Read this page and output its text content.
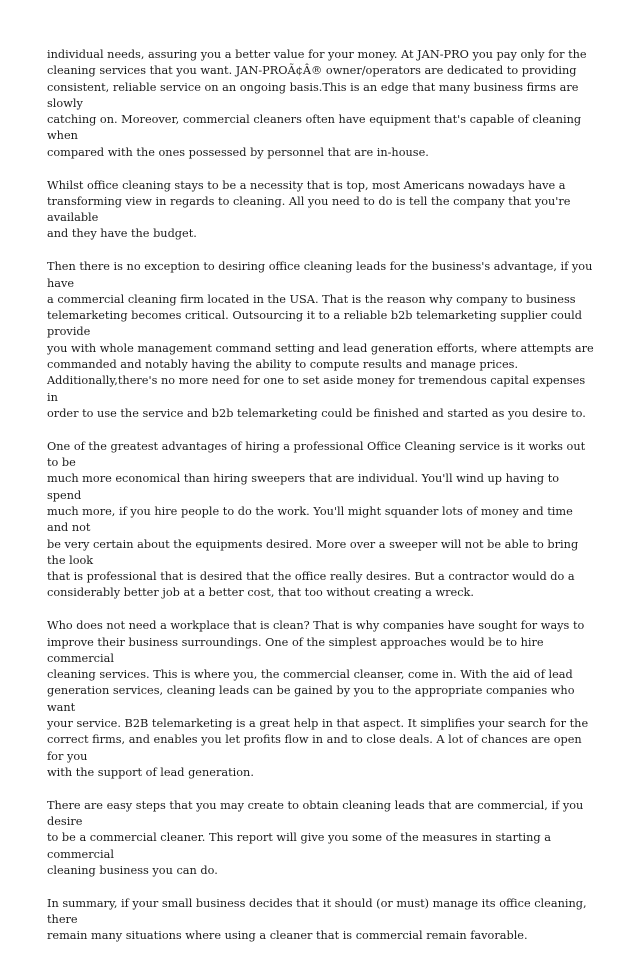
individual needs, assuring you a better value for your money. At JAN-PRO you pay only for the
cleaning services that you want. JAN-PROÃ¢Â® owner/operators are dedicated to providing
consistent, reliable service on an ongoing basis.This is an edge that many business firms are slowly
catching on. Moreover, commercial cleaners often have equipment that's capable of cleaning when
compared with the ones possessed by personnel that are in-house.

Whilst office cleaning stays to be a necessity that is top, most Americans nowadays have a
transforming view in regards to cleaning. All you need to do is tell the company that you're available
and they have the budget.

Then there is no exception to desiring office cleaning leads for the business's advantage, if you have
a commercial cleaning firm located in the USA. That is the reason why company to business
telemarketing becomes critical. Outsourcing it to a reliable b2b telemarketing supplier could provide
you with whole management command setting and lead generation efforts, where attempts are
commanded and notably having the ability to compute results and manage prices.
Additionally,there's no more need for one to set aside money for tremendous capital expenses in
order to use the service and b2b telemarketing could be finished and started as you desire to.

One of the greatest advantages of hiring a professional Office Cleaning service is it works out to be
much more economical than hiring sweepers that are individual. You'll wind up having to spend
much more, if you hire people to do the work. You'll might squander lots of money and time and not
be very certain about the equipments desired. More over a sweeper will not be able to bring the look
that is professional that is desired that the office really desires. But a contractor would do a
considerably better job at a better cost, that too without creating a wreck.

Who does not need a workplace that is clean? That is why companies have sought for ways to
improve their business surroundings. One of the simplest approaches would be to hire commercial
cleaning services. This is where you, the commercial cleanser, come in. With the aid of lead
generation services, cleaning leads can be gained by you to the appropriate companies who want
your service. B2B telemarketing is a great help in that aspect. It simplifies your search for the
correct firms, and enables you let profits flow in and to close deals. A lot of chances are open for you
with the support of lead generation.

There are easy steps that you may create to obtain cleaning leads that are commercial, if you desire
to be a commercial cleaner. This report will give you some of the measures in starting a commercial
cleaning business you can do.

In summary, if your small business decides that it should (or must) manage its office cleaning, there
remain many situations where using a cleaner that is commercial remain favorable.
